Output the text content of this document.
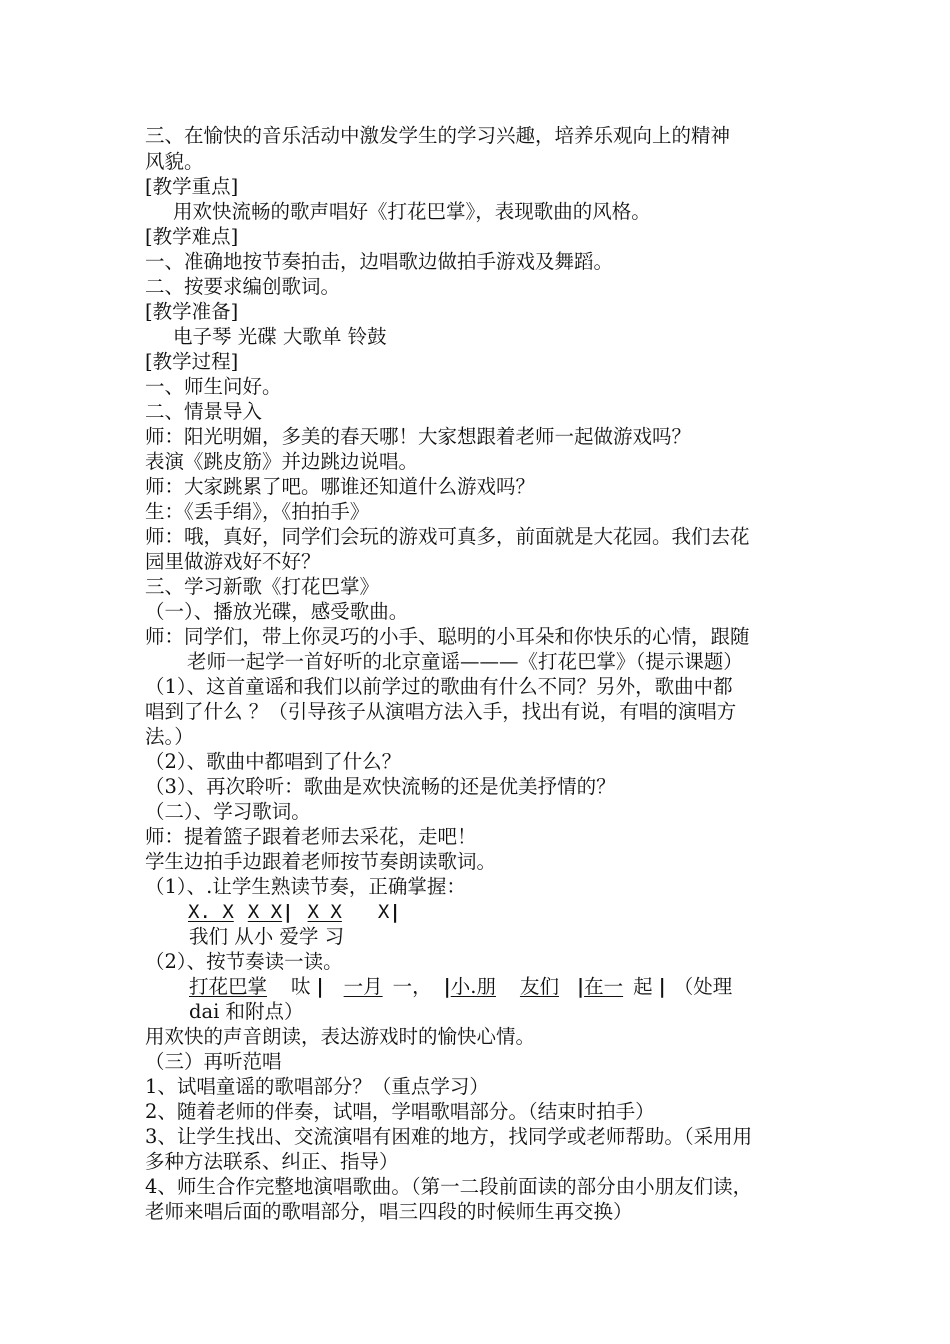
三、在愉快的音乐活动中激发学生的学习兴趣，培养乐观向上的精神
风貌。
[教学重点]
用欢快流畅的歌声唱好《打花巴掌》，表现歌曲的风格。
[教学难点]
一、准确地按节奏拍击，边唱歌边做拍手游戏及舞蹈。
二、按要求编创歌词。
[教学准备]
电子琴 光碟 大歌单 铃鼓
[教学过程]
一、师生问好。
二、情景导入
师：阳光明媚，多美的春天哪！大家想跟着老师一起做游戏吗？
表演《跳皮筋》并边跳边说唱。
师：大家跳累了吧。哪谁还知道什么游戏吗？
生：《丢手绢》，《拍拍手》
师：哦，真好，同学们会玩的游戏可真多，前面就是大花园。我们去花
园里做游戏好不好？
三、学习新歌《打花巴掌》
（一）、播放光碟，感受歌曲。
师：同学们，带上你灵巧的小手、聪明的小耳朵和你快乐的心情，跟随
老师一起学一首好听的北京童谣———《打花巴掌》（提示课题）
（1）、这首童谣和我们以前学过的歌曲有什么不同？另外，歌曲中都
唱到了什么 ？（引导孩子从演唱方法入手，找出有说，有唱的演唱方
法。）
（2）、歌曲中都唱到了什么？
（3）、再次聆听：歌曲是欢快流畅的还是优美抒情的？
（二）、学习歌词。
师：提着篮子跟着老师去采花，走吧！
学生边拍手边跟着老师按节奏朗读歌词。
（1）、.让学生熟读节奏，正确掌握：
X. X X X| X X X|
我们 从小 爱学 习
（2）、按节奏读一读。
打花巴掌 呔 | 一月 一， |小.朋 友们 |在一 起 | （处理
dai 和附点）
用欢快的声音朗读，表达游戏时的愉快心情。
（三）再听范唱
1、试唱童谣的歌唱部分？（重点学习）
2、随着老师的伴奏，试唱，学唱歌唱部分。（结束时拍手）
3、让学生找出、交流演唱有困难的地方，找同学或老师帮助。（采用用
多种方法联系、纠正、指导）
4、师生合作完整地演唱歌曲。（第一二段前面读的部分由小朋友们读，
老师来唱后面的歌唱部分，唱三四段的时候师生再交换）
